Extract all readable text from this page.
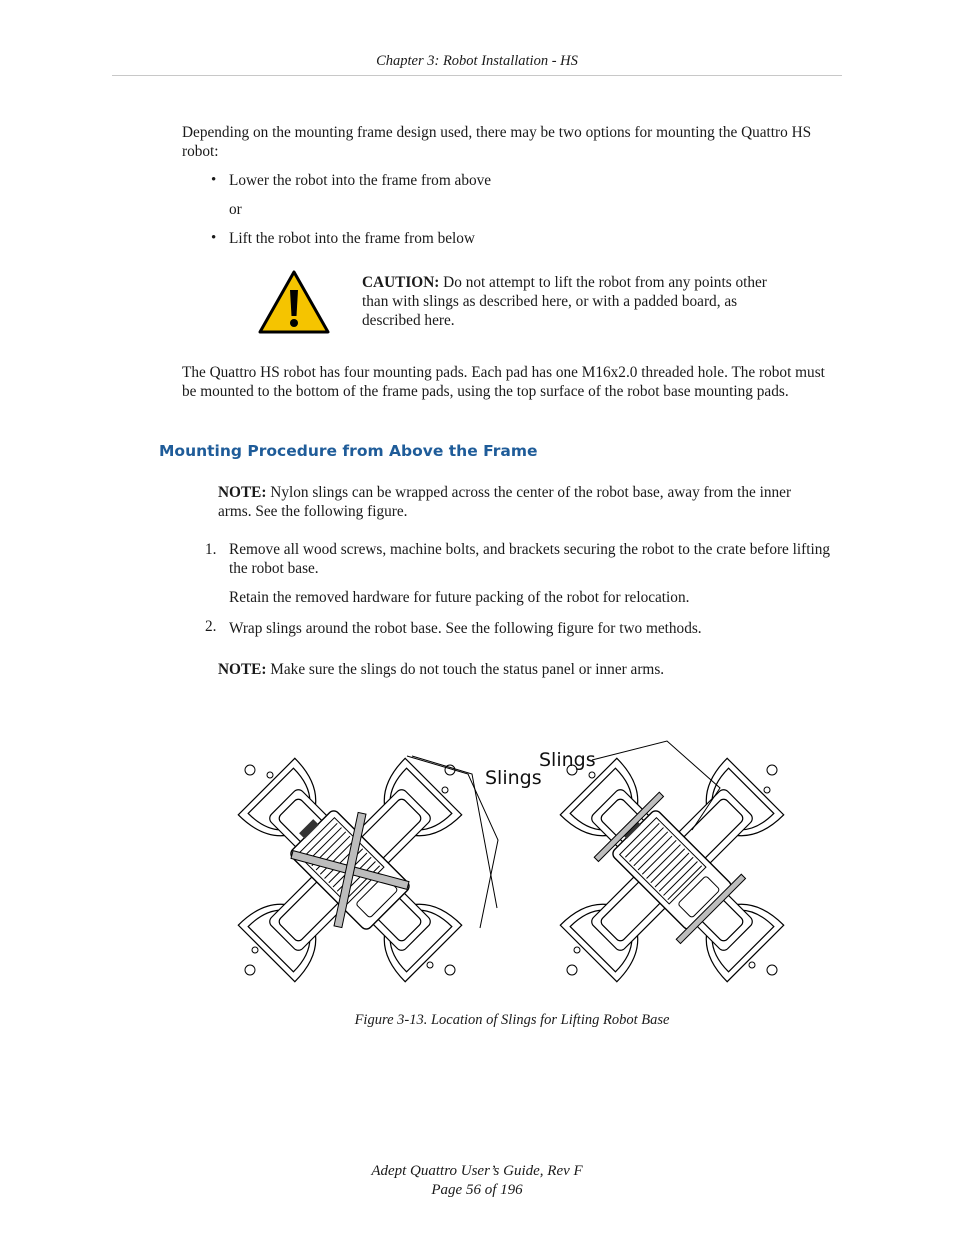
Chapter 3: Robot Installation - HS
Depending on the mounting frame design used, there may be two options for mounting the Quattro HS robot:
• Lower the robot into the frame from above
or
• Lift the robot into the frame from below
CAUTION: Do not attempt to lift the robot from any points other than with slings as described here, or with a padded board, as described here.
The Quattro HS robot has four mounting pads. Each pad has one M16x2.0 threaded hole. The robot must be mounted to the bottom of the frame pads, using the top surface of the robot base mounting pads.
Mounting Procedure from Above the Frame
NOTE: Nylon slings can be wrapped across the center of the robot base, away from the inner arms. See the following figure.
1. Remove all wood screws, machine bolts, and brackets securing the robot to the crate before lifting the robot base.
Retain the removed hardware for future packing of the robot for relocation.
2. Wrap slings around the robot base. See the following figure for two methods.
NOTE: Make sure the slings do not touch the status panel or inner arms.
Slings
Slings
Figure 3-13. Location of Slings for Lifting Robot Base
Adept Quattro User’s Guide, Rev F
Page 56 of 196
